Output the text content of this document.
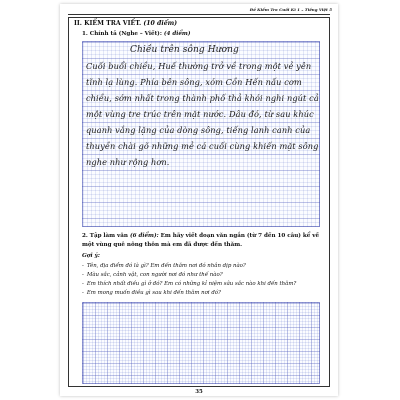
Đề Kiểm Tra Cuối Kì 1 – Tiếng Việt 5
II. KIỂM TRA VIẾT. (10 điểm)
1. Chính tả (Nghe – Viết): (4 điểm)
Chiều trên sông Hương
Cuối buổi chiều, Huế thường trở về trong một vẻ yên
tĩnh lạ lùng. Phía bên sông, xóm Cồn Hến nấu cơm
chiều, sớm nhất trong thành phố thả khói nghi ngút cả
một vùng tre trúc trên mặt nước. Dâu đó, từ sau khúc
quanh vắng lặng của dòng sông, tiếng lanh canh của
thuyền chài gõ những mẻ cá cuối cùng khiến mặt sông
nghe như rộng hơn.
2. Tập làm văn (6 điểm): Em hãy viết đoạn văn ngắn (từ 7 đến 10 câu) kể về một vùng quê nông thôn mà em đã được đến thăm.
Gợi ý:
- Tên, địa điểm đó là gì? Em đến thăm nơi đó nhân dịp nào?
- Màu sắc, cảnh vật, con người nơi đó như thế nào?
- Em thích nhất điều gì ở đó? Em có những kỉ niệm sâu sắc nào khi đến thăm?
- Em mong muốn điều gì sau khi đến thăm nơi đó?
35
